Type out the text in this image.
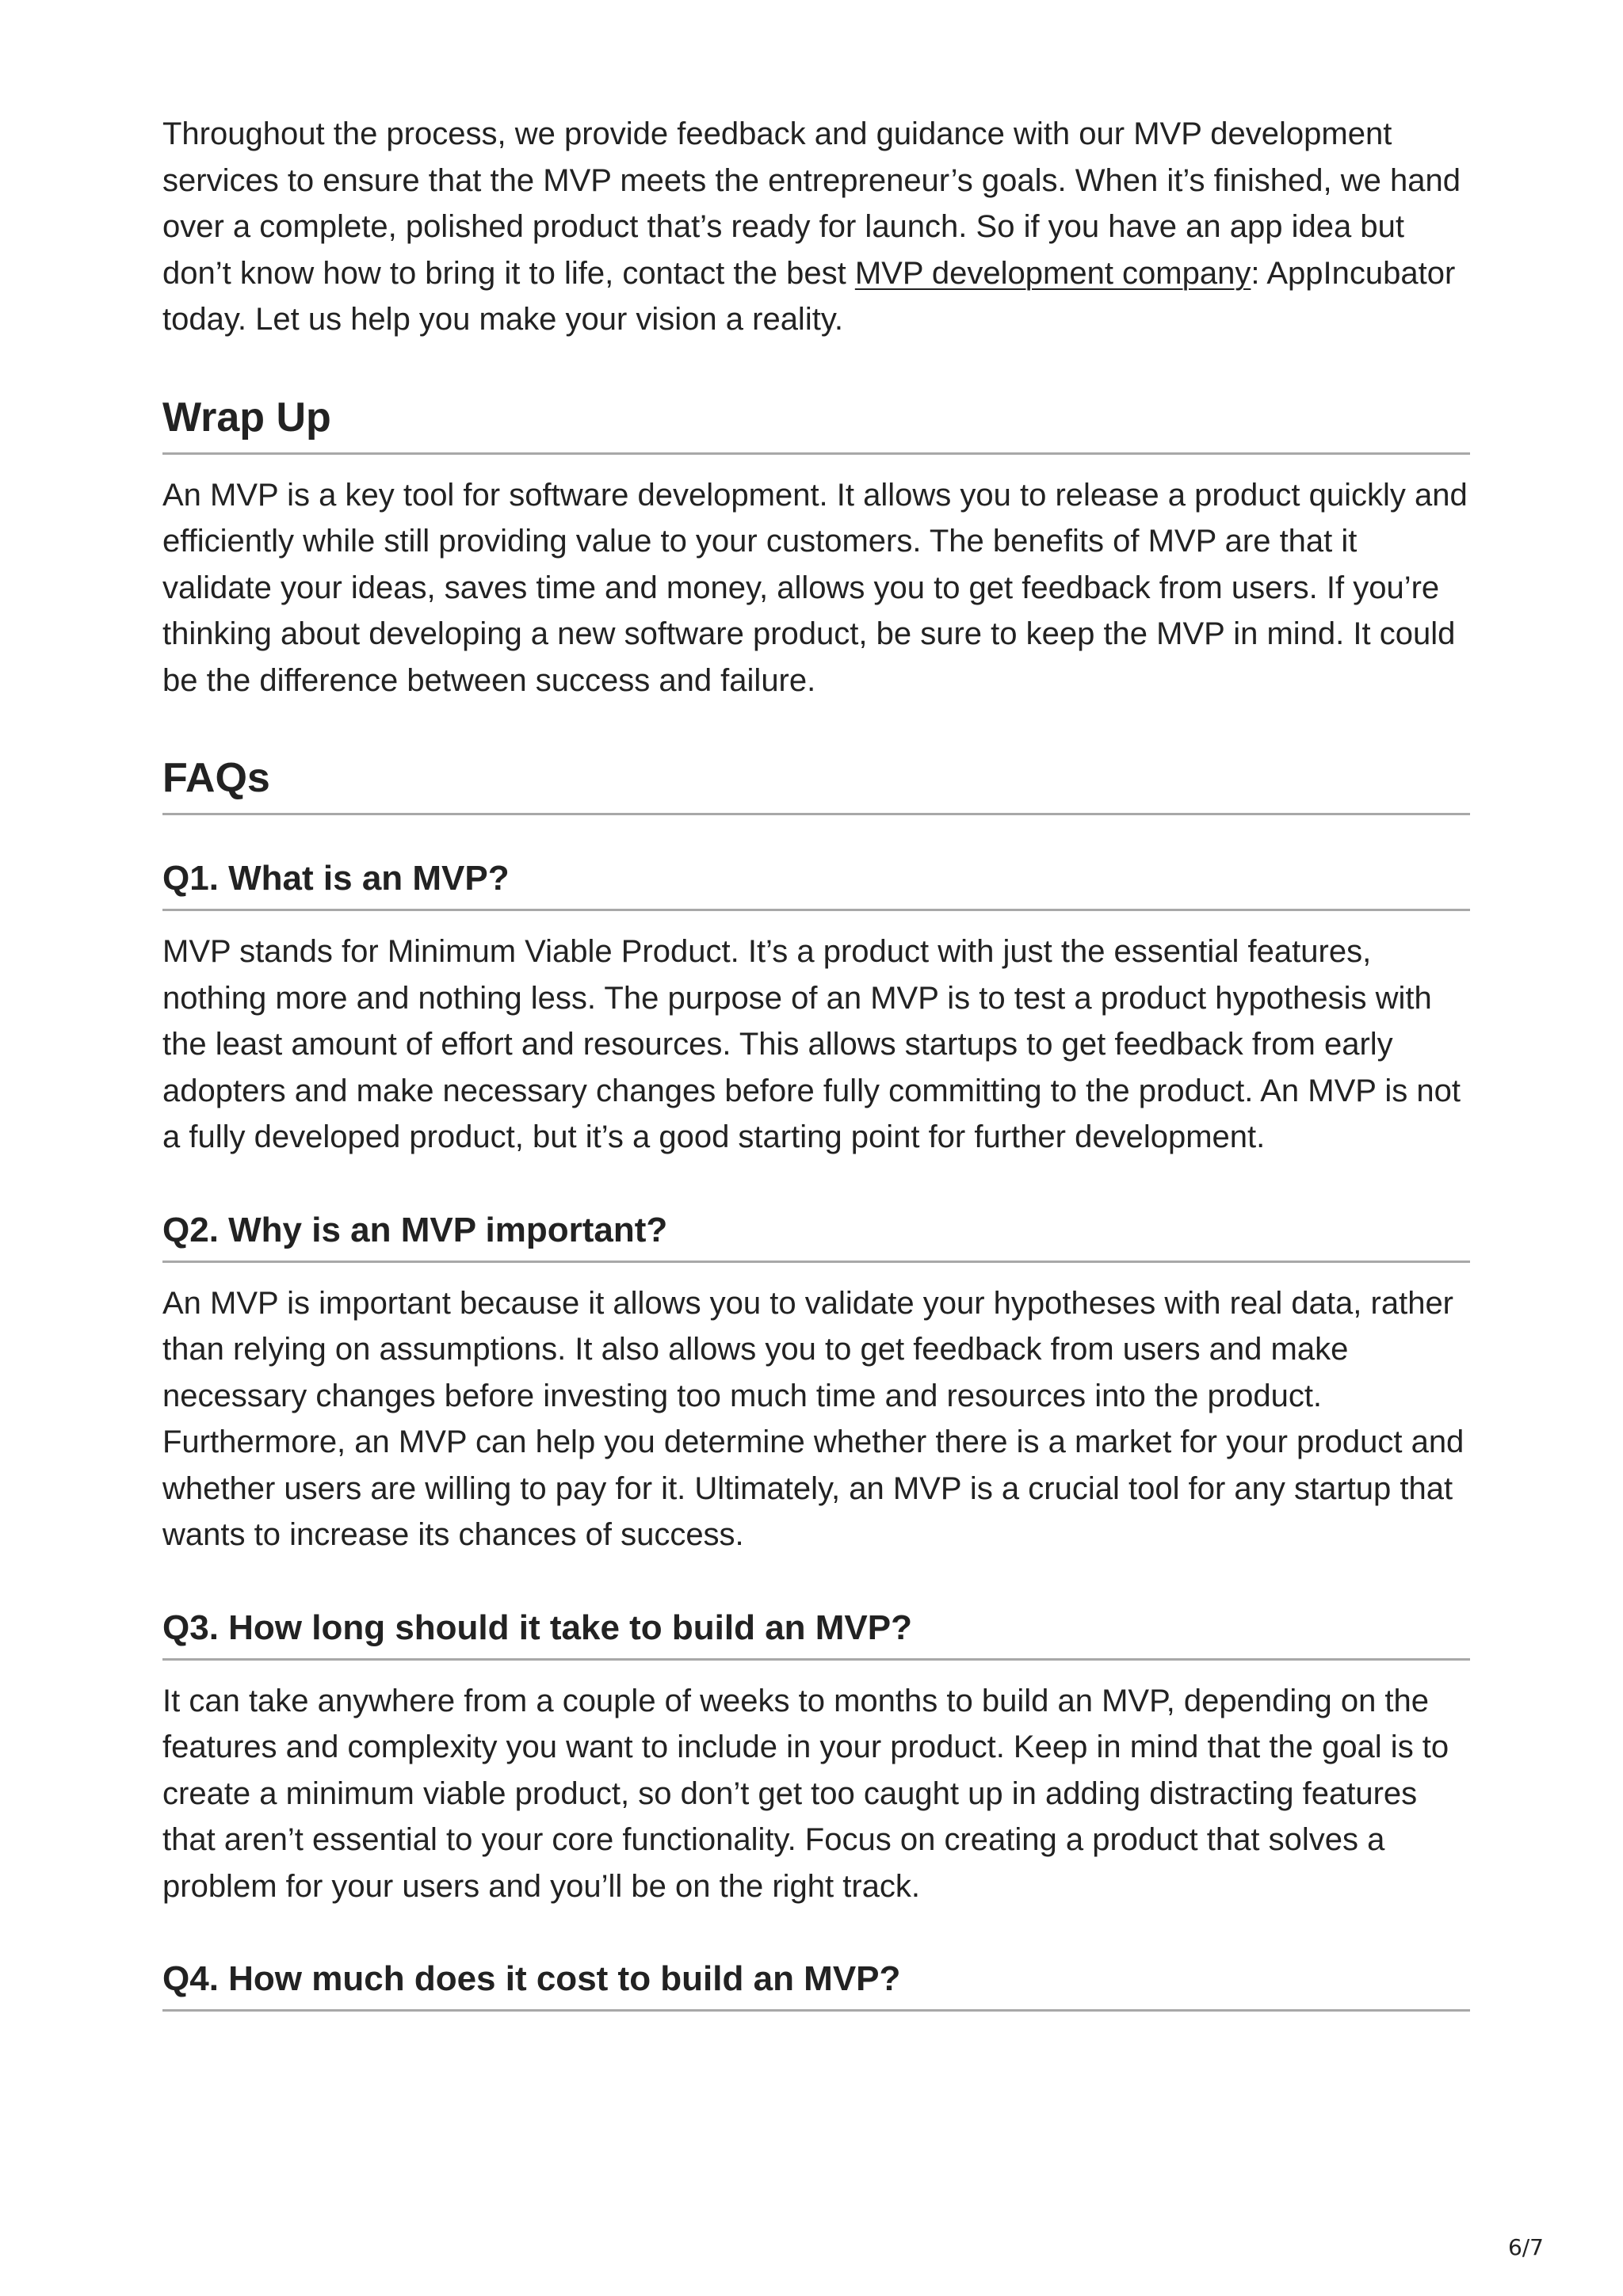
Throughout the process, we provide feedback and guidance with our MVP development services to ensure that the MVP meets the entrepreneur’s goals. When it’s finished, we hand over a complete, polished product that’s ready for launch. So if you have an app idea but don’t know how to bring it to life, contact the best MVP development company: AppIncubator today. Let us help you make your vision a reality.

Wrap Up

An MVP is a key tool for software development. It allows you to release a product quickly and efficiently while still providing value to your customers. The benefits of MVP are that it validate your ideas, saves time and money, allows you to get feedback from users. If you’re thinking about developing a new software product, be sure to keep the MVP in mind. It could be the difference between success and failure.

FAQs
Q1. What is an MVP?

MVP stands for Minimum Viable Product. It’s a product with just the essential features, nothing more and nothing less. The purpose of an MVP is to test a product hypothesis with the least amount of effort and resources. This allows startups to get feedback from early adopters and make necessary changes before fully committing to the product. An MVP is not a fully developed product, but it’s a good starting point for further development.

Q2. Why is an MVP important?

An MVP is important because it allows you to validate your hypotheses with real data, rather than relying on assumptions. It also allows you to get feedback from users and make necessary changes before investing too much time and resources into the product. Furthermore, an MVP can help you determine whether there is a market for your product and whether users are willing to pay for it. Ultimately, an MVP is a crucial tool for any startup that wants to increase its chances of success.

Q3. How long should it take to build an MVP?

It can take anywhere from a couple of weeks to months to build an MVP, depending on the features and complexity you want to include in your product. Keep in mind that the goal is to create a minimum viable product, so don’t get too caught up in adding distracting features that aren’t essential to your core functionality. Focus on creating a product that solves a problem for your users and you’ll be on the right track.

Q4. How much does it cost to build an MVP?
6/7
